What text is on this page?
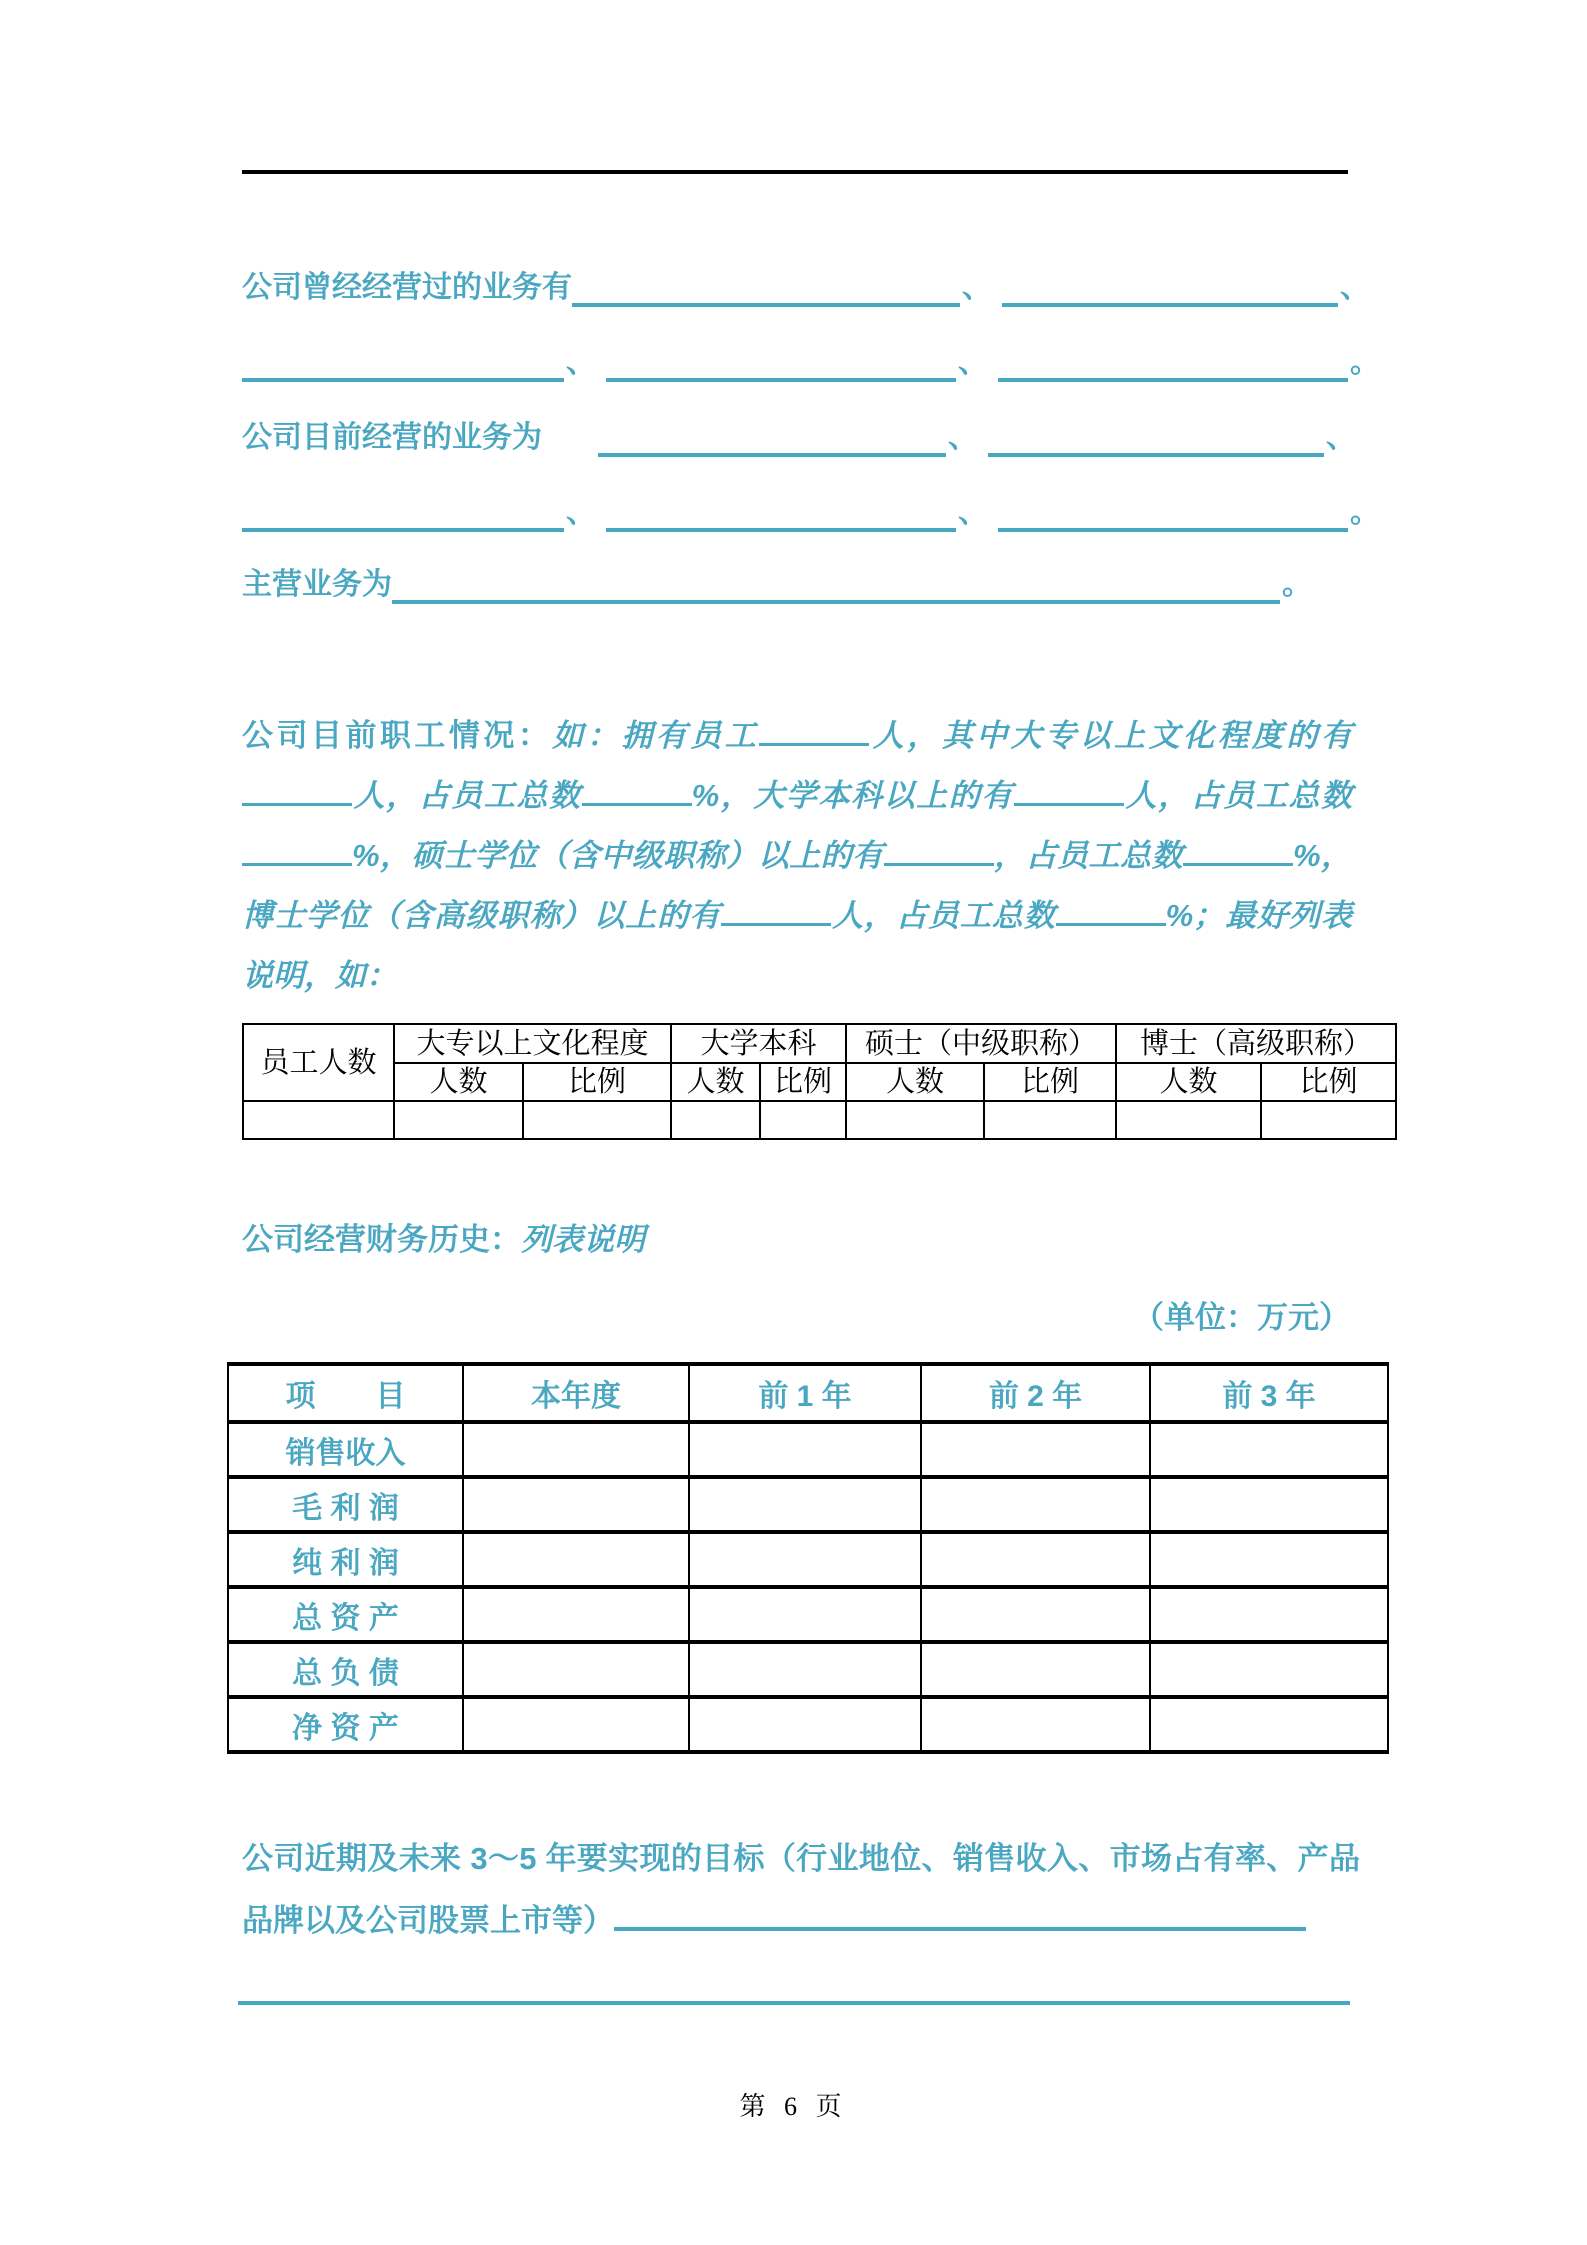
公司曾经经营过的业务有	、	、
、	、	。
公司目前经营的业务为	、	、
、	、	。
主营业务为	。
公司目前职工情况：如：拥有员工	人，其中大专以上文化程度的有人，占员工总数	%，大学本科以上的有	人，占员工总数%，硕士学位（含中级职称）以上的有	，占员工总数	%，博士学位（含高级职称）以上的有	人，占员工总数	%；最好列表说明，如：
员工人数	大专以上文化程度		大学本科		硕士（中级职称）		博士（高级职称）	
	人数	比例	人数	比例	人数	比例	人数	比例

公司经营财务历史：列表说明
（单位：万元）
项　　目	本年度	前 1 年	前 2 年	前 3 年
销售收入				
毛 利 润				
纯 利 润				
总 资 产				
总 负 债				
净 资 产				
公司近期及未来 3～5 年要实现的目标（行业地位、销售收入、市场占有率、产品品牌以及公司股票上市等）
第 6 页
